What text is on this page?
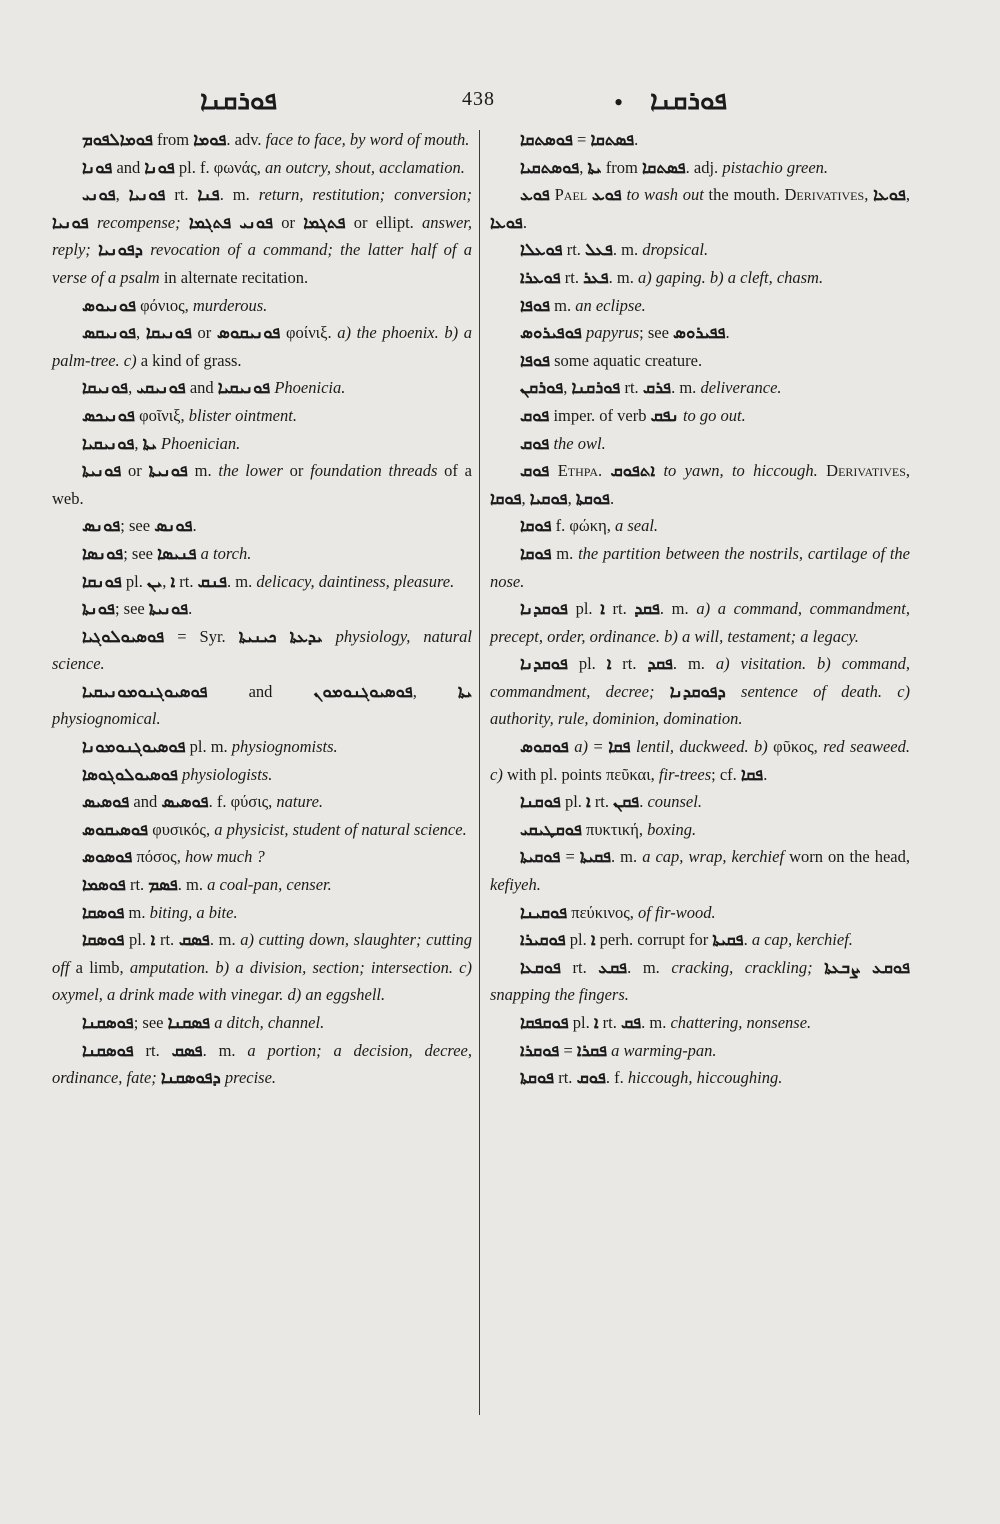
ܦܘܪܩܢܐ	438	• ܦܘܪܩܢܐ

ܦܘܡܐܠܦܘܡ from ܦܘܡܐ. adv. face to face, by word of mouth.

ܦܘܢܐ and ܦܘܢܐ pl. f. φωνάς, an outcry, shout, acclamation.

ܦܘܢܝ, ܦܘܢܝܐ rt. ܦܢܐ. m. return, restitution; conversion; ܦܘܢܝܐ recompense; ܦܘܢܝ ܦܬܓܡܐ or ܦܬܓܡܐ or ellipt. answer, reply; ܕܦܘܢܝܐ revocation of a command; the latter half of a verse of a psalm in alternate recitation.

ܦܘܢܝܘܣ φόνιος, murderous.

ܦܘܢܝܩܣ, ܦܘܢܝܩܐ or ܦܘܢܝܩܘܣ φοίνιξ. a) the phoenix. b) a palm-tree. c) a kind of grass.

ܦܘܢܝܩܐ, ܦܘܢܝܩܝ and ܦܘܢܝܩܝܐ Phoenicia.

ܦܘܢܝܟܣ φοῖνιξ, blister ointment.

ܦܘܢܝܩܝܐ, ܝܬܐ Phoenician.

ܦܘܢܝܬܐ or ܦܘܢܝܬܐ m. the lower or foundation threads of a web.

ܦܘܢܣ; see ܦܘܢܣ.

ܦܘܢܣܐ; see ܦܢܝܣܐ a torch.

ܦܘܢܩܐ pl. ܝܢ, ܐ rt. ܦܢܩ. m. delicacy, daintiness, pleasure.

ܦܘܢܬܐ; see ܦܘܢܝܬܐ.

ܦܘܣܝܘܠܘܓܝܐ = Syr. ܝܕܥܬܐ ܟܝܢܝܬܐ physiology, natural science.

ܦܘܣܝܘܓܢܘܡܘܢܝܩܝܐ and ܦܘܣܝܘܓܢܘܡܘܢ, ܝܬܐ physiognomical.

ܦܘܣܝܘܓܢܘܡܘܢܐ pl. m. physiognomists.

ܦܘܣܝܘܠܘܓܘܣܐ physiologists.

ܦܘܣܝܣ and ܦܘܣܝܣ. f. φύσις, nature.

ܦܘܣܝܩܘܣ φυσικός, a physicist, student of natural science.

ܦܘܣܘܣ πόσος, how much ?

ܦܘܣܡܐ rt. ܦܣܡ. m. a coal-pan, censer.

ܦܘܣܩܐ m. biting, a bite.

ܦܘܣܩܐ pl. ܐ rt. ܦܣܩ. m. a) cutting down, slaughter; cutting off a limb, amputation. b) a division, section; intersection. c) oxymel, a drink made with vinegar. d) an eggshell.

ܦܘܣܩܢܐ; see ܦܣܩܢܐ a ditch, channel.

ܦܘܣܩܢܐ rt. ܦܣܩ. m. a portion; a decision, decree, ordinance, fate; ܕܦܘܣܩܢܐ precise.

ܦܘܣܬܩܐ = ܦܣܬܩܐ.

ܦܘܣܬܩܝܐ, ܝܬܐ from ܦܣܬܩܐ. adj. pistachio green.

ܦܘܥ Pael ܦܘܥ to wash out the mouth. Derivatives, ܦܘܥܐ, ܦܘܥܐ.

ܦܘܥܠܐ rt. ܦܥܠ. m. dropsical.

ܦܘܥܪܐ rt. ܦܥܪ. m. a) gaping. b) a cleft, chasm.

ܦܘܦܐ m. an eclipse.

ܦܘܦܝܪܘܣ papyrus; see ܦܦܝܪܘܣ.

ܦܘܦܐ some aquatic creature.

ܦܘܪܩܢ, ܦܘܪܩܢܐ rt. ܦܪܩ. m. deliverance.

ܦܘܩ imper. of verb ܢܦܩ to go out.

ܦܘܩ the owl.

ܦܘܩ Ethpa. ܐܬܦܘܩ to yawn, to hiccough. Derivatives, ܦܘܩܐ, ܦܘܩܝܐ, ܦܘܩܬܐ.

ܦܘܩܐ f. φώκη, a seal.

ܦܘܩܐ m. the partition between the nostrils, cartilage of the nose.

ܦܘܩܕܢܐ pl. ܐ rt. ܦܩܕ. m. a) a command, commandment, precept, order, ordinance. b) a will, testament; a legacy.

ܦܘܩܕܢܐ pl. ܐ rt. ܦܩܕ. m. a) visitation. b) command, commandment, decree; ܕܦܘܩܕܢܐ sentence of death. c) authority, rule, dominion, domination.

ܦܘܩܘܣ a) = ܦܩܐ lentil, duckweed. b) φῦκος, red seaweed. c) with pl. points πεῦκαι, fir-trees; cf. ܦܩܐ.

ܦܘܩܢܐ pl. ܐ rt. ܦܩܢ. counsel.

ܦܘܩܛܝܩܝ πυκτική, boxing.

ܦܘܩܝܬܐ = ܦܩܝܬܐ. m. a cap, wrap, kerchief worn on the head, kefiyeh.

ܦܘܩܝܢܐ πεύκινος, of fir-wood.

ܦܘܩܝܪܐ pl. ܐ perh. corrupt for ܦܩܝܬܐ. a cap, kerchief.

ܦܘܩܥܐ rt. ܦܩܥ. m. cracking, crackling; ܦܘܩܥ ܨܒܥܬܐ snapping the fingers.

ܦܘܩܦܩܐ pl. ܐ rt. ܦܩ. m. chattering, nonsense.

ܦܘܩܪܐ = ܦܩܪܐ a warming-pan.

ܦܘܩܬܐ rt. ܦܘܩ. f. hiccough, hiccoughing.
